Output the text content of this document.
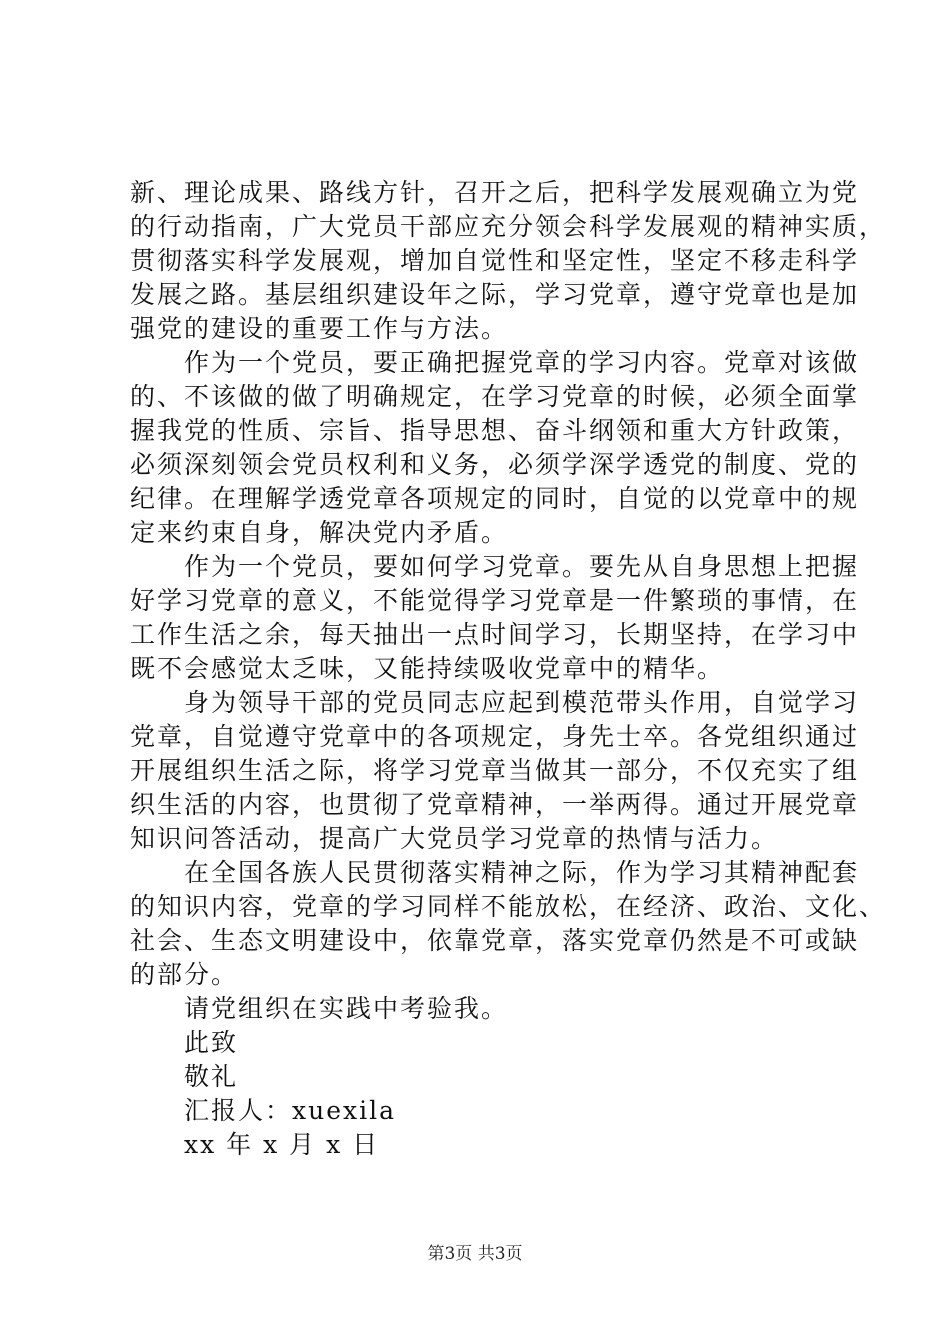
新、理论成果、路线方针，召开之后，把科学发展观确立为党

的行动指南，广大党员干部应充分领会科学发展观的精神实质，

贯彻落实科学发展观，增加自觉性和坚定性，坚定不移走科学

发展之路。基层组织建设年之际，学习党章，遵守党章也是加

强党的建设的重要工作与方法。

作为一个党员，要正确把握党章的学习内容。党章对该做

的、不该做的做了明确规定，在学习党章的时候，必须全面掌

握我党的性质、宗旨、指导思想、奋斗纲领和重大方针政策，

必须深刻领会党员权利和义务，必须学深学透党的制度、党的

纪律。在理解学透党章各项规定的同时，自觉的以党章中的规

定来约束自身，解决党内矛盾。

作为一个党员，要如何学习党章。要先从自身思想上把握

好学习党章的意义，不能觉得学习党章是一件繁琐的事情，在

工作生活之余，每天抽出一点时间学习，长期坚持，在学习中

既不会感觉太乏味，又能持续吸收党章中的精华。

身为领导干部的党员同志应起到模范带头作用，自觉学习

党章，自觉遵守党章中的各项规定，身先士卒。各党组织通过

开展组织生活之际，将学习党章当做其一部分，不仅充实了组

织生活的内容，也贯彻了党章精神，一举两得。通过开展党章

知识问答活动，提高广大党员学习党章的热情与活力。

在全国各族人民贯彻落实精神之际，作为学习其精神配套

的知识内容，党章的学习同样不能放松，在经济、政治、文化、

社会、生态文明建设中，依靠党章，落实党章仍然是不可或缺

的部分。

请党组织在实践中考验我。

此致

敬礼

汇报人：xuexila

xx 年 x 月 x 日

第3页 共3页
